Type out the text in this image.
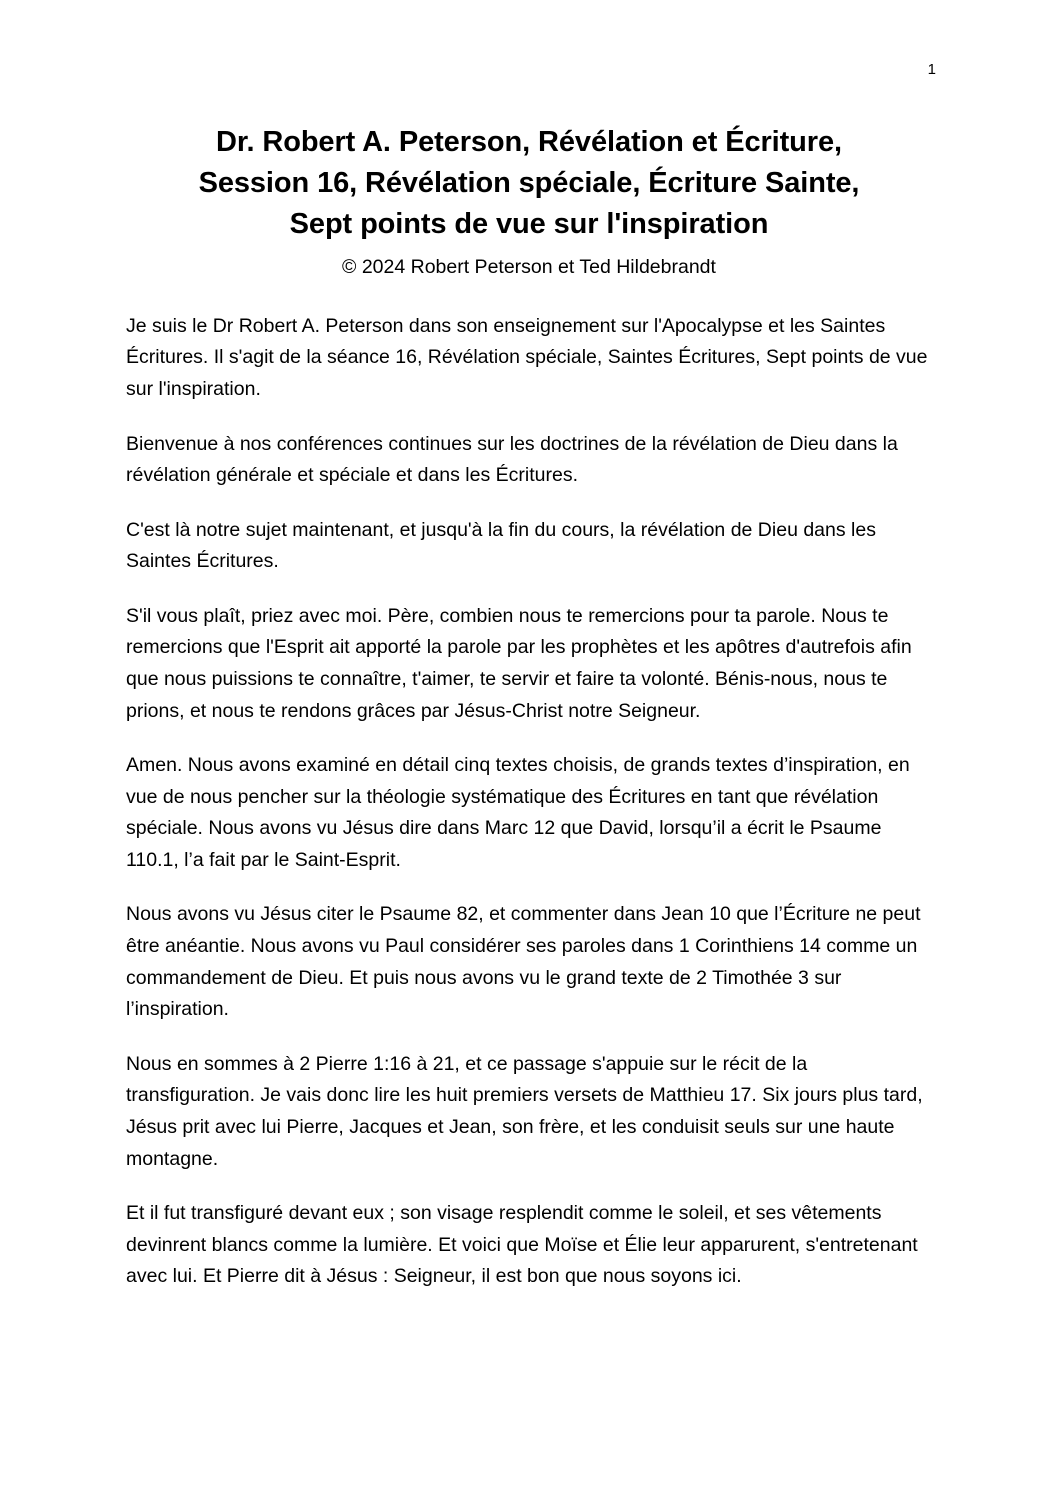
1
Dr. Robert A. Peterson, Révélation et Écriture,
Session 16, Révélation spéciale, Écriture Sainte,
Sept points de vue sur l'inspiration

© 2024 Robert Peterson et Ted Hildebrandt

Je suis le Dr Robert A. Peterson dans son enseignement sur l'Apocalypse et les Saintes Écritures. Il s'agit de la séance 16, Révélation spéciale, Saintes Écritures, Sept points de vue sur l'inspiration.

Bienvenue à nos conférences continues sur les doctrines de la révélation de Dieu dans la révélation générale et spéciale et dans les Écritures.

C'est là notre sujet maintenant, et jusqu'à la fin du cours, la révélation de Dieu dans les Saintes Écritures.

S'il vous plaît, priez avec moi. Père, combien nous te remercions pour ta parole. Nous te remercions que l'Esprit ait apporté la parole par les prophètes et les apôtres d'autrefois afin que nous puissions te connaître, t'aimer, te servir et faire ta volonté. Bénis-nous, nous te prions, et nous te rendons grâces par Jésus-Christ notre Seigneur.

Amen. Nous avons examiné en détail cinq textes choisis, de grands textes d’inspiration, en vue de nous pencher sur la théologie systématique des Écritures en tant que révélation spéciale. Nous avons vu Jésus dire dans Marc 12 que David, lorsqu’il a écrit le Psaume 110.1, l’a fait par le Saint-Esprit.

Nous avons vu Jésus citer le Psaume 82, et commenter dans Jean 10 que l’Écriture ne peut être anéantie. Nous avons vu Paul considérer ses paroles dans 1 Corinthiens 14 comme un commandement de Dieu. Et puis nous avons vu le grand texte de 2 Timothée 3 sur l’inspiration.

Nous en sommes à 2 Pierre 1:16 à 21, et ce passage s'appuie sur le récit de la transfiguration. Je vais donc lire les huit premiers versets de Matthieu 17. Six jours plus tard, Jésus prit avec lui Pierre, Jacques et Jean, son frère, et les conduisit seuls sur une haute montagne.

Et il fut transfiguré devant eux ; son visage resplendit comme le soleil, et ses vêtements devinrent blancs comme la lumière. Et voici que Moïse et Élie leur apparurent, s'entretenant avec lui. Et Pierre dit à Jésus : Seigneur, il est bon que nous soyons ici.
